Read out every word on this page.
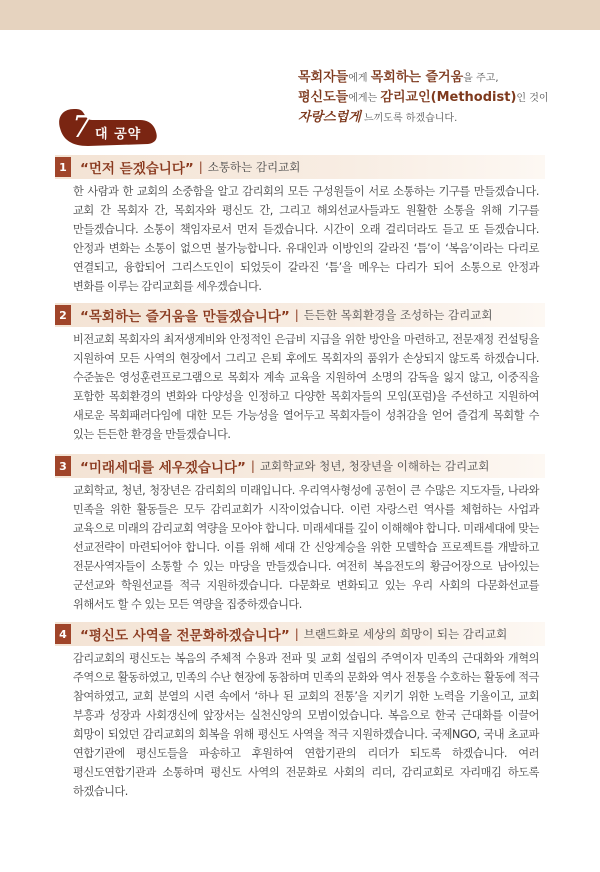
목회자들에게 목회하는 즐거움을 주고,
평신도들에게는 감리교인(Methodist)인 것이
자랑스럽게 느끼도록 하겠습니다.
7 대 공약
1 “먼저 듣겠습니다” | 소통하는 감리교회
한 사람과 한 교회의 소중함을 알고 감리회의 모든 구성원들이 서로 소통하는 기구를 만들겠습니다. 교회 간 목회자 간, 목회자와 평신도 간, 그리고 해외선교사들과도 원활한 소통을 위해 기구를 만들겠습니다. 소통이 책임자로서 먼저 듣겠습니다. 시간이 오래 걸리더라도 듣고 또 듣겠습니다. 안정과 변화는 소통이 없으면 불가능합니다. 유대인과 이방인의 갈라진 ‘틈’이 ‘복음’이라는 다리로 연결되고, 융합되어 그리스도인이 되었듯이 갈라진 ‘틈’을 메우는 다리가 되어 소통으로 안정과 변화를 이루는 감리교회를 세우겠습니다.
2 “목회하는 즐거움을 만들겠습니다” | 든든한 목회환경을 조성하는 감리교회
비전교회 목회자의 최저생계비와 안정적인 은급비 지급을 위한 방안을 마련하고, 전문재정 컨설팅을 지원하여 모든 사역의 현장에서 그리고 은퇴 후에도 목회자의 품위가 손상되지 않도록 하겠습니다. 수준높은 영성훈련프로그램으로 목회자 계속 교육을 지원하여 소명의 감독을 잃지 않고, 이중직을 포함한 목회환경의 변화와 다양성을 인정하고 다양한 목회자들의 모임(포럼)을 주선하고 지원하여 새로운 목회패러다임에 대한 모든 가능성을 열어두고 목회자들이 성취감을 얻어 즐겁게 목회할 수 있는 든든한 환경을 만들겠습니다.
3 “미래세대를 세우겠습니다” | 교회학교와 청년, 청장년을 이해하는 감리교회
교회학교, 청년, 청장년은 감리회의 미래입니다. 우리역사형성에 공헌이 큰 수많은 지도자들, 나라와 민족을 위한 활동들은 모두 감리교회가 시작이었습니다. 이런 자랑스런 역사를 체험하는 사업과 교육으로 미래의 감리교회 역량을 모아야 합니다. 미래세대를 깊이 이해해야 합니다. 미래세대에 맞는 선교전략이 마련되어야 합니다. 이를 위해 세대 간 신앙계승을 위한 모델학습 프로젝트를 개발하고 전문사역자들이 소통할 수 있는 마당을 만들겠습니다. 여전히 복음전도의 황금어장으로 남아있는 군선교와 학원선교를 적극 지원하겠습니다. 다문화로 변화되고 있는 우리 사회의 다문화선교를 위해서도 할 수 있는 모든 역량을 집중하겠습니다.
4 “평신도 사역을 전문화하겠습니다” | 브랜드화로 세상의 희망이 되는 감리교회
감리교회의 평신도는 복음의 주체적 수용과 전파 및 교회 설립의 주역이자 민족의 근대화와 개혁의 주역으로 활동하였고, 민족의 수난 현장에 동참하며 민족의 문화와 역사 전통을 수호하는 활동에 적극 참여하였고, 교회 분열의 시련 속에서 ‘하나 된 교회의 전통’을 지키기 위한 노력을 기울이고, 교회 부흥과 성장과 사회갱신에 앞장서는 실천신앙의 모범이었습니다. 복음으로 한국 근대화를 이끌어 희망이 되었던 감리교회의 회복을 위해 평신도 사역을 적극 지원하겠습니다. 국제NGO, 국내 초교파 연합기관에 평신도들을 파송하고 후원하여 연합기관의 리더가 되도록 하겠습니다. 여러 평신도연합기관과 소통하며 평신도 사역의 전문화로 사회의 리더, 감리교회로 자리매김 하도록 하겠습니다.
